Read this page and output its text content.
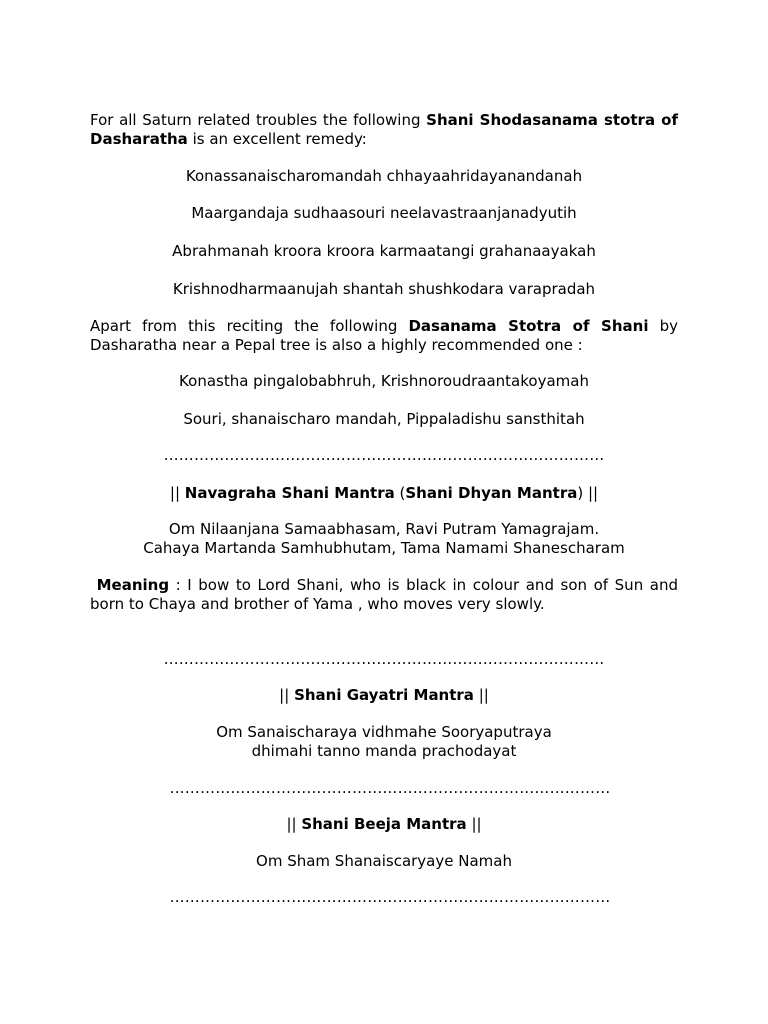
For all Saturn related troubles the following Shani Shodasanama stotra of Dasharatha is an excellent remedy:
Konassanaischaromandah chhayaahridayanandanah
Maargandaja sudhaasouri neelavastraanjanadyutih
Abrahmanah kroora kroora karmaatangi grahanaayakah
Krishnodharmaanujah shantah shushkodara varapradah
Apart from this reciting the following Dasanama Stotra of Shani by Dasharatha near a Pepal tree is also a highly recommended one :
Konastha pingalobabhruh, Krishnoroudraantakoyamah
Souri, shanaischaro mandah, Pippaladishu sansthitah
……………………………………………………………………………
|| Navagraha Shani Mantra (Shani Dhyan Mantra) ||
Om Nilaanjana Samaabhasam, Ravi Putram Yamagrajam.
Cahaya Martanda Samhubhutam, Tama Namami Shanescharam
Meaning : I bow to Lord Shani, who is black in colour and son of Sun and born to Chaya and brother of Yama , who moves very slowly.
……………………………………………………………………………
|| Shani Gayatri Mantra ||
Om Sanaischaraya vidhmahe Sooryaputraya
dhimahi tanno manda prachodayat
……………………………………………………………………………
|| Shani Beeja Mantra ||
Om Sham Shanaiscaryaye Namah
……………………………………………………………………………
